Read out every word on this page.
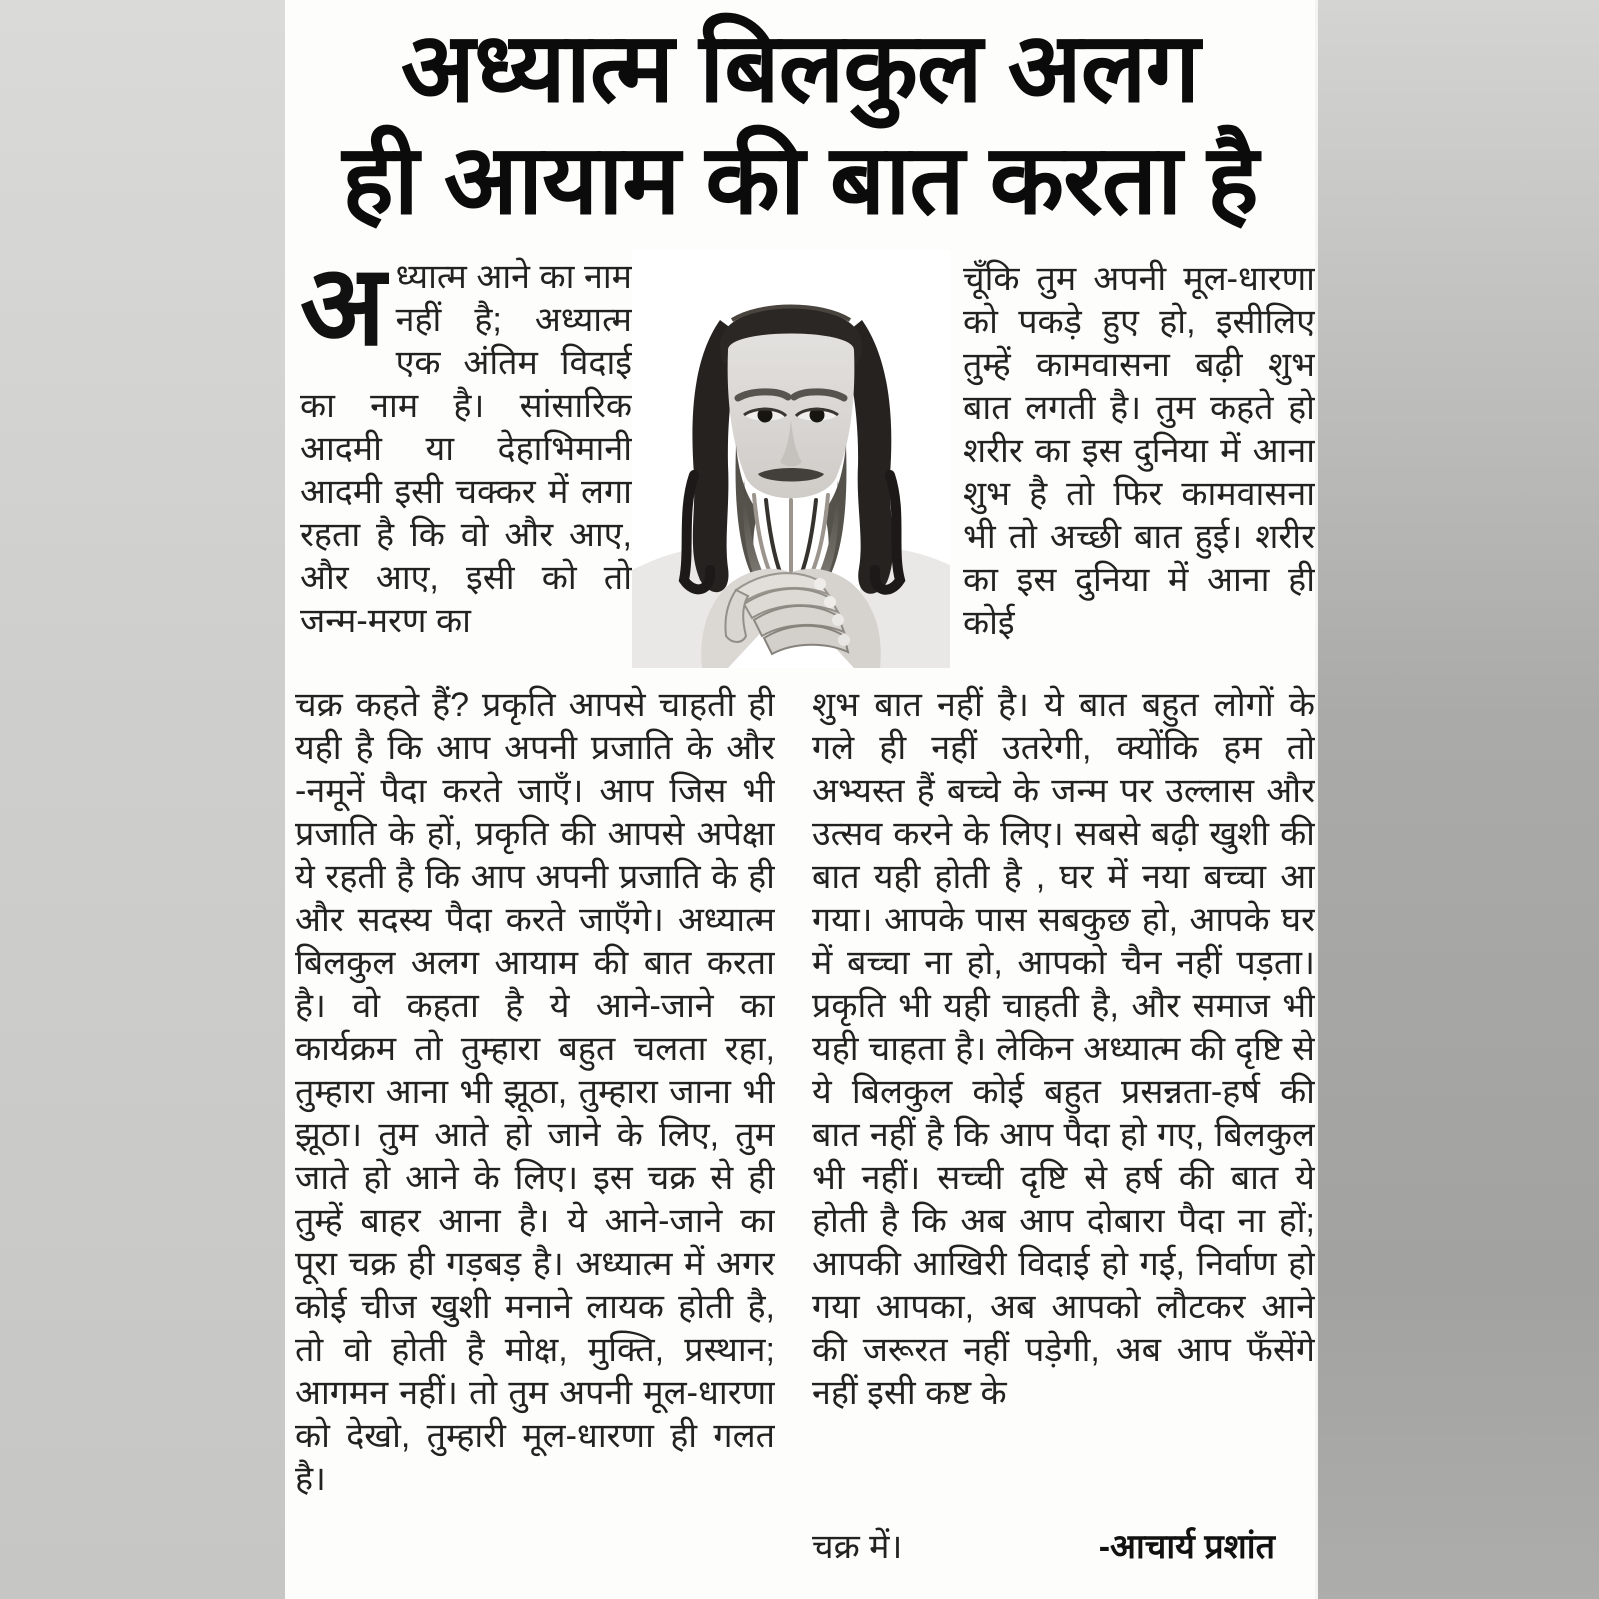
अध्यात्म बिलकुल अलग
ही आयाम की बात करता है

अध्यात्म आने का नाम नहीं है; अध्यात्म एक अंतिम विदाई का नाम है। सांसारिक आदमी या देहाभिमानी आदमी इसी चक्कर में लगा रहता है कि वो और आए, और आए, इसी को तो जन्म-मरण का

चूँकि तुम अपनी मूल-धारणा को पकड़े हुए हो, इसीलिए तुम्हें कामवासना बढ़ी शुभ बात लगती है। तुम कहते हो शरीर का इस दुनिया में आना शुभ है तो फिर कामवासना भी तो अच्छी बात हुई। शरीर का इस दुनिया में आना ही कोई

चक्र कहते हैं? प्रकृति आपसे चाहती ही यही है कि आप अपनी प्रजाति के और -नमूनें पैदा करते जाएँ। आप जिस भी प्रजाति के हों, प्रकृति की आपसे अपेक्षा ये रहती है कि आप अपनी प्रजाति के ही और सदस्य पैदा करते जाएँगे। अध्यात्म बिलकुल अलग आयाम की बात करता है। वो कहता है ये आने-जाने का कार्यक्रम तो तुम्हारा बहुत चलता रहा, तुम्हारा आना भी झूठा, तुम्हारा जाना भी झूठा। तुम आते हो जाने के लिए, तुम जाते हो आने के लिए। इस चक्र से ही तुम्हें बाहर आना है। ये आने-जाने का पूरा चक्र ही गड़बड़ है। अध्यात्म में अगर कोई चीज खुशी मनाने लायक होती है, तो वो होती है मोक्ष, मुक्ति, प्रस्थान; आगमन नहीं। तो तुम अपनी मूल-धारणा को देखो, तुम्हारी मूल-धारणा ही गलत है।

शुभ बात नहीं है। ये बात बहुत लोगों के गले ही नहीं उतरेगी, क्योंकि हम तो अभ्यस्त हैं बच्चे के जन्म पर उल्लास और उत्सव करने के लिए। सबसे बढ़ी खुशी की बात यही होती है , घर में नया बच्चा आ गया। आपके पास सबकुछ हो, आपके घर में बच्चा ना हो, आपको चैन नहीं पड़ता। प्रकृति भी यही चाहती है, और समाज भी यही चाहता है। लेकिन अध्यात्म की दृष्टि से ये बिलकुल कोई बहुत प्रसन्नता-हर्ष की बात नहीं है कि आप पैदा हो गए, बिलकुल भी नहीं। सच्ची दृष्टि से हर्ष की बात ये होती है कि अब आप दोबारा पैदा ना हों; आपकी आखिरी विदाई हो गई, निर्वाण हो गया आपका, अब आपको लौटकर आने की जरूरत नहीं पड़ेगी, अब आप फँसेंगे नहीं इसी कष्ट के

चक्र में।	-आचार्य प्रशांत
